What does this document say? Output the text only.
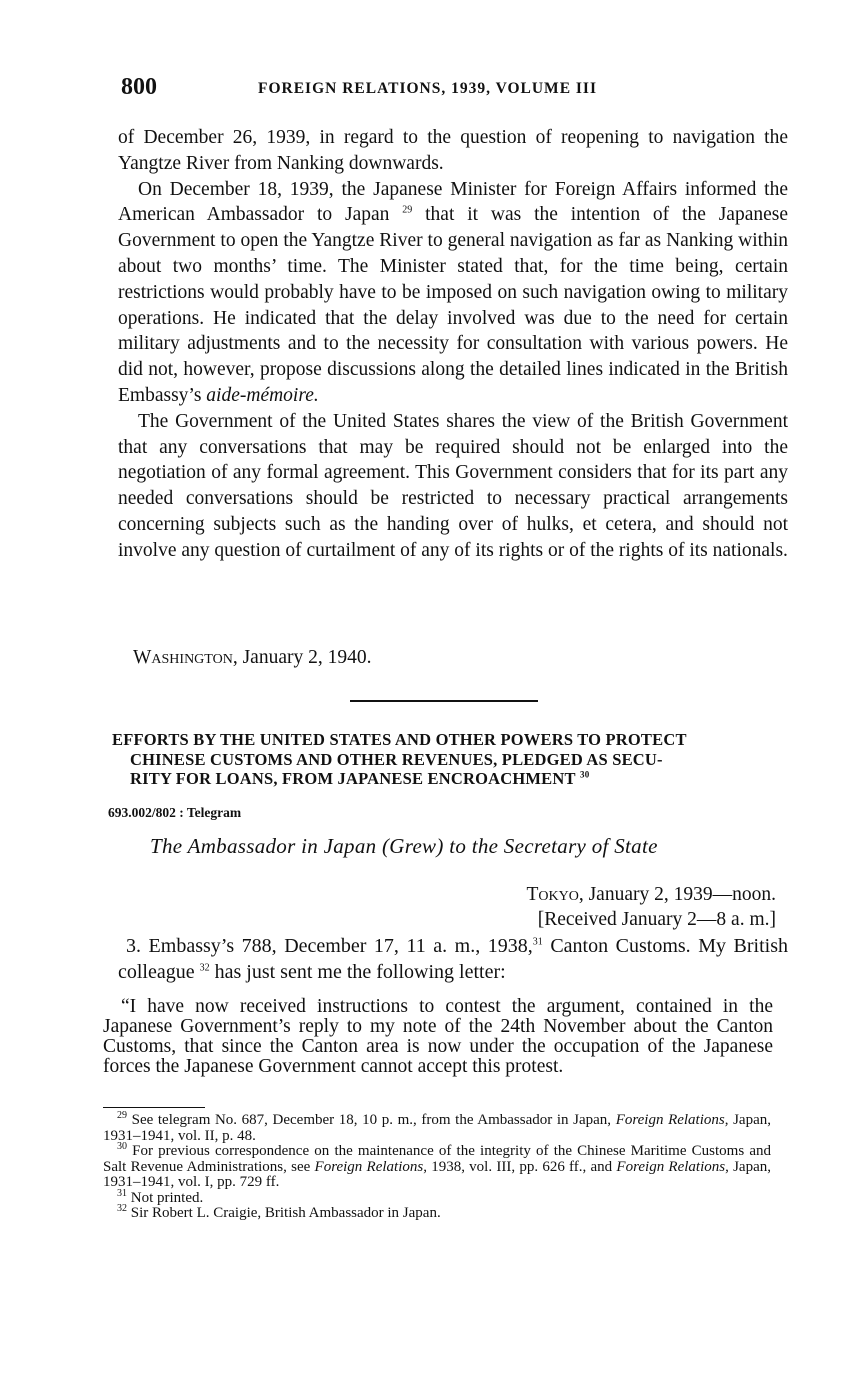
800	FOREIGN RELATIONS, 1939, VOLUME III

of December 26, 1939, in regard to the question of reopening to navigation the Yangtze River from Nanking downwards.

On December 18, 1939, the Japanese Minister for Foreign Affairs informed the American Ambassador to Japan $^{29}$ that it was the intention of the Japanese Government to open the Yangtze River to general navigation as far as Nanking within about two months’ time. The Minister stated that, for the time being, certain restrictions would probably have to be imposed on such navigation owing to military operations. He indicated that the delay involved was due to the need for certain military adjustments and to the necessity for consultation with various powers. He did not, however, propose discussions along the detailed lines indicated in the British Embassy’s aide-mémoire.

The Government of the United States shares the view of the British Government that any conversations that may be required should not be enlarged into the negotiation of any formal agreement. This Government considers that for its part any needed conversations should be restricted to necessary practical arrangements concerning subjects such as the handing over of hulks, et cetera, and should not involve any question of curtailment of any of its rights or of the rights of its nationals.

Washington, January 2, 1940.
EFFORTS BY THE UNITED STATES AND OTHER POWERS TO PROTECT
CHINESE CUSTOMS AND OTHER REVENUES, PLEDGED AS SECU-
RITY FOR LOANS, FROM JAPANESE ENCROACHMENT $^{30}$
693.002/802 : Telegram
The Ambassador in Japan (Grew) to the Secretary of State
Tokyo, January 2, 1939—noon.
[Received January 2—8 a. m.]

3. Embassy’s 788, December 17, 11 a. m., 1938,31 Canton Customs. My British colleague $^{32}$ has just sent me the following letter:

“I have now received instructions to contest the argument, contained in the Japanese Government’s reply to my note of the 24th November about the Canton Customs, that since the Canton area is now under the occupation of the Japanese forces the Japanese Government cannot accept this protest.

$^{29}$ See telegram No. 687, December 18, 10 p. m., from the Ambassador in Japan, Foreign Relations, Japan, 1931–1941, vol. II, p. 48.

$^{30}$ For previous correspondence on the maintenance of the integrity of the Chinese Maritime Customs and Salt Revenue Administrations, see Foreign Relations, 1938, vol. III, pp. 626 ff., and Foreign Relations, Japan, 1931–1941, vol. I, pp. 729 ff.

$^{31}$ Not printed.

$^{32}$ Sir Robert L. Craigie, British Ambassador in Japan.
